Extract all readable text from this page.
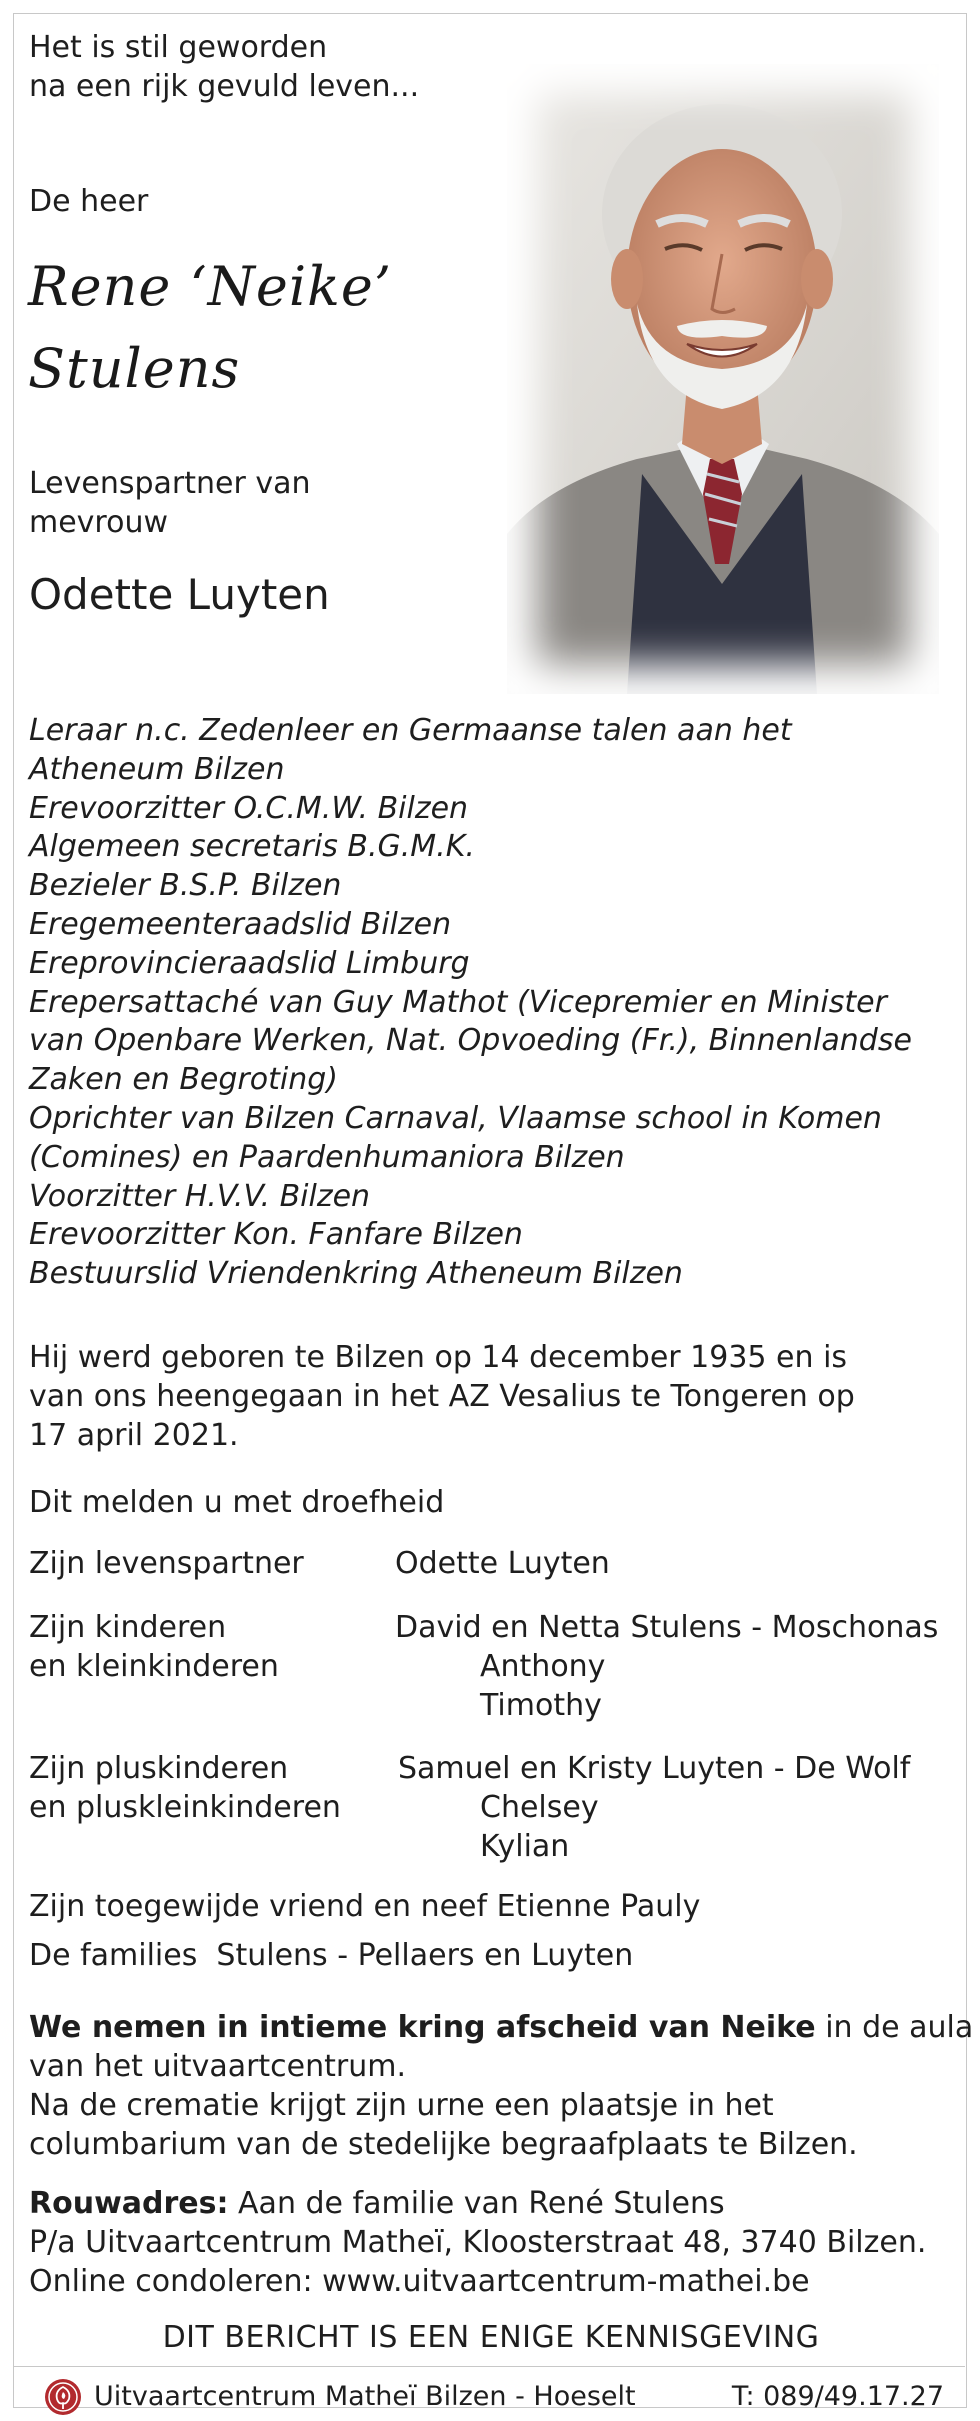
Het is stil geworden
na een rijk gevuld leven...
De heer
Rene ‘Neike’
Stulens
Levenspartner van
mevrouw
Odette Luyten
Leraar n.c. Zedenleer en Germaanse talen aan het
Atheneum Bilzen
Erevoorzitter O.C.M.W. Bilzen
Algemeen secretaris B.G.M.K.
Bezieler B.S.P. Bilzen
Eregemeenteraadslid Bilzen
Ereprovincieraadslid Limburg
Erepersattaché van Guy Mathot (Vicepremier en Minister
van Openbare Werken, Nat. Opvoeding (Fr.), Binnenlandse
Zaken en Begroting)
Oprichter van Bilzen Carnaval, Vlaamse school in Komen
(Comines) en Paardenhumaniora Bilzen
Voorzitter H.V.V. Bilzen
Erevoorzitter Kon. Fanfare Bilzen
Bestuurslid Vriendenkring Atheneum Bilzen
Hij werd geboren te Bilzen op 14 december 1935 en is
van ons heengegaan in het AZ Vesalius te Tongeren op
17 april 2021.
Dit melden u met droefheid
Zijn levenspartner	Odette Luyten
Zijn kinderen
en kleinkinderen
David en Netta Stulens - Moschonas
Anthony
Timothy
Zijn pluskinderen
en pluskleinkinderen
Samuel en Kristy Luyten - De Wolf
Chelsey
Kylian
Zijn toegewijde vriend en neef Etienne Pauly
De families  Stulens - Pellaers en Luyten
We nemen in intieme kring afscheid van Neike in de aula
van het uitvaartcentrum.
Na de crematie krijgt zijn urne een plaatsje in het
columbarium van de stedelijke begraafplaats te Bilzen.
Rouwadres: Aan de familie van René Stulens
P/a Uitvaartcentrum Matheï, Kloosterstraat 48, 3740 Bilzen.
Online condoleren: www.uitvaartcentrum-mathei.be
DIT BERICHT IS EEN ENIGE KENNISGEVING
Uitvaartcentrum Matheï Bilzen - Hoeselt	T: 089/49.17.27
